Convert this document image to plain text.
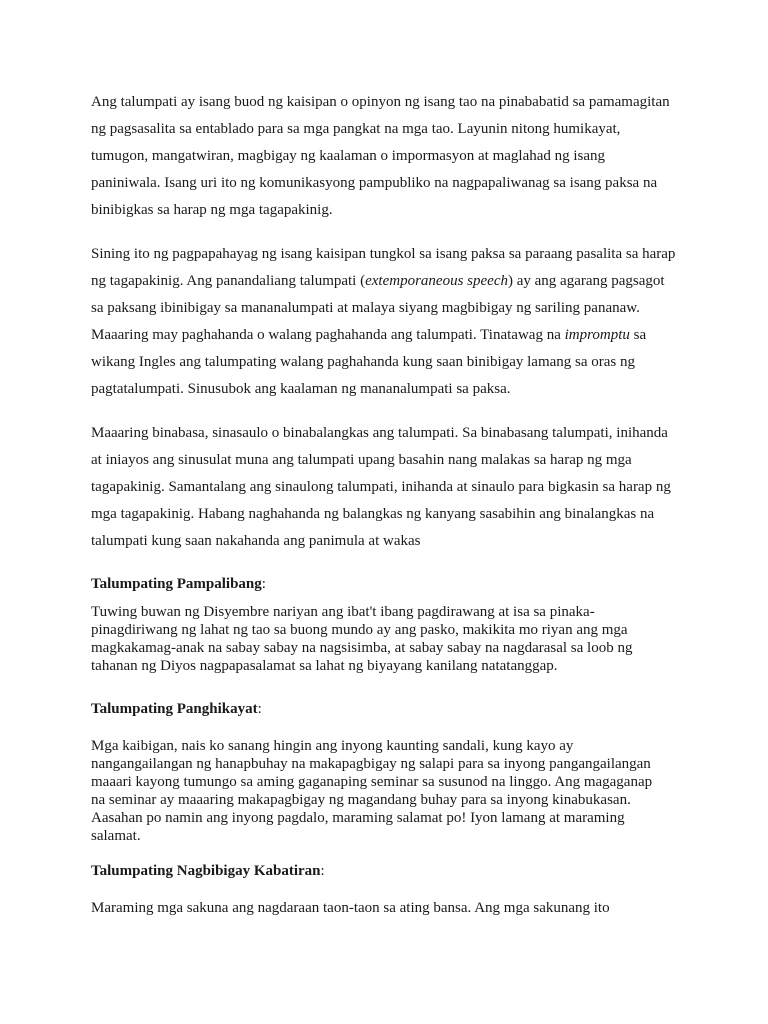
Ang talumpati ay isang buod ng kaisipan o opinyon ng isang tao na pinababatid sa pamamagitan
ng pagsasalita sa entablado para sa mga pangkat na mga tao. Layunin nitong humikayat,
tumugon, mangatwiran, magbigay ng kaalaman o impormasyon at maglahad ng isang
paniniwala. Isang uri ito ng komunikasyong pampubliko na nagpapaliwanag sa isang paksa na
binibigkas sa harap ng mga tagapakinig.

Sining ito ng pagpapahayag ng isang kaisipan tungkol sa isang paksa sa paraang pasalita sa harap
ng tagapakinig. Ang panandaliang talumpati (extemporaneous speech) ay ang agarang pagsagot
sa paksang ibinibigay sa mananalumpati at malaya siyang magbibigay ng sariling pananaw.
Maaaring may paghahanda o walang paghahanda ang talumpati. Tinatawag na impromptu sa
wikang Ingles ang talumpating walang paghahanda kung saan binibigay lamang sa oras ng
pagtatalumpati. Sinusubok ang kaalaman ng mananalumpati sa paksa.

Maaaring binabasa, sinasaulo o binabalangkas ang talumpati. Sa binabasang talumpati, inihanda
at iniayos ang sinusulat muna ang talumpati upang basahin nang malakas sa harap ng mga
tagapakinig. Samantalang ang sinaulong talumpati, inihanda at sinaulo para bigkasin sa harap ng
mga tagapakinig. Habang naghahanda ng balangkas ng kanyang sasabihin ang binalangkas na
talumpati kung saan nakahanda ang panimula at wakas

Talumpating Pampalibang:

Tuwing buwan ng Disyembre nariyan ang ibat't ibang pagdirawang at isa sa pinaka-
pinagdiriwang ng lahat ng tao sa buong mundo ay ang pasko, makikita mo riyan ang mga
magkakamag-anak na sabay sabay na nagsisimba, at sabay sabay na nagdarasal sa loob ng
tahanan ng Diyos nagpapasalamat sa lahat ng biyayang kanilang natatanggap.

Talumpating Panghikayat:

Mga kaibigan, nais ko sanang hingin ang inyong kaunting sandali, kung kayo ay
nangangailangan ng hanapbuhay na makapagbigay ng salapi para sa inyong pangangailangan
maaari kayong tumungo sa aming gaganaping seminar sa susunod na linggo. Ang magaganap
na seminar ay maaaring makapagbigay ng magandang buhay para sa inyong kinabukasan.
Aasahan po namin ang inyong pagdalo, maraming salamat po! Iyon lamang at maraming
salamat.

Talumpating Nagbibigay Kabatiran:

Maraming mga sakuna ang nagdaraan taon-taon sa ating bansa. Ang mga sakunang ito
